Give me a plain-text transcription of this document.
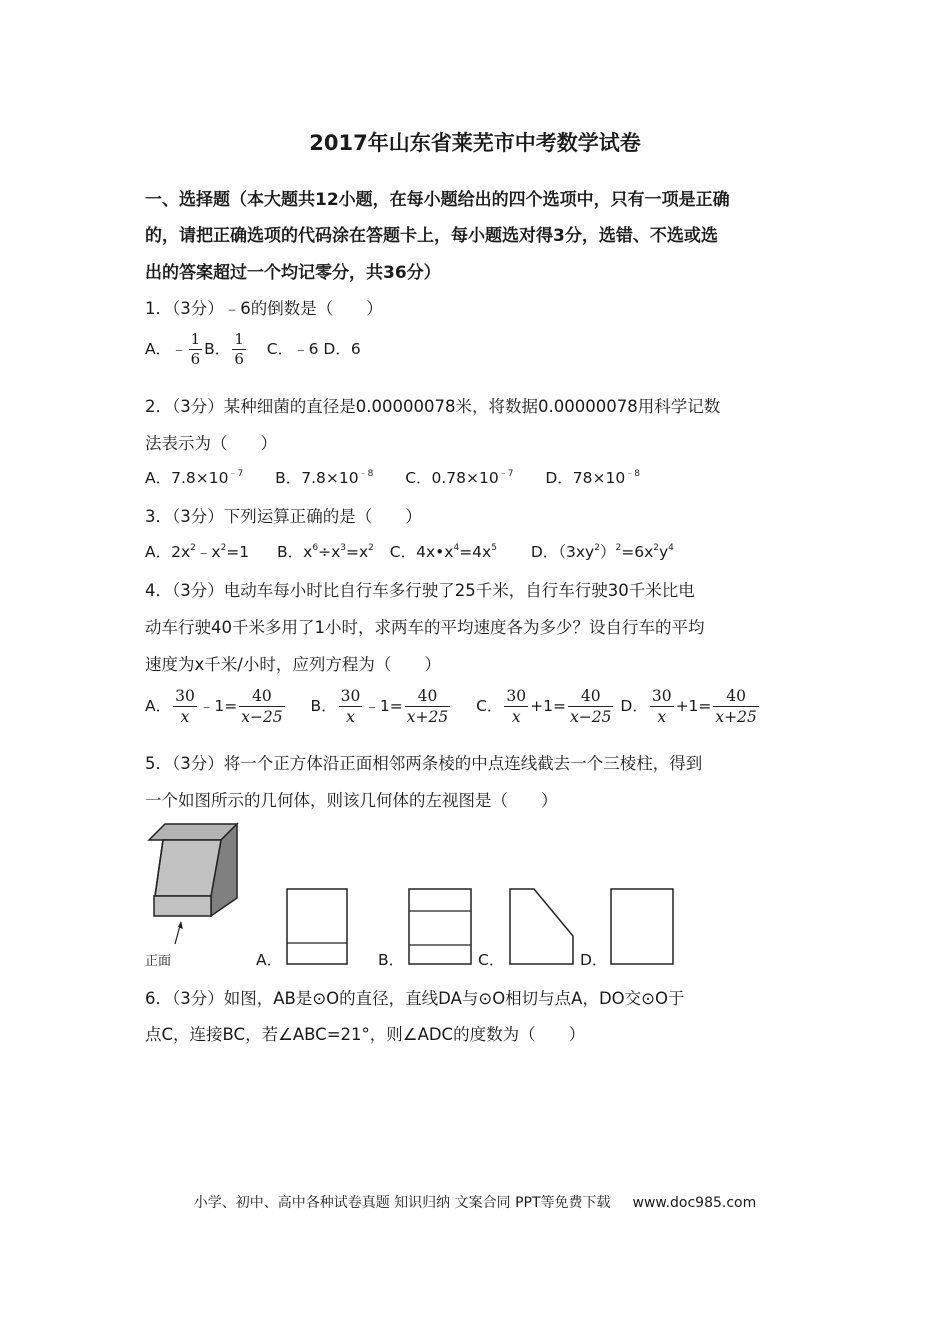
2017年山东省莱芜市中考数学试卷
一、选择题（本大题共12小题，在每小题给出的四个选项中，只有一项是正确
的，请把正确选项的代码涂在答题卡上，每小题选对得3分，选错、不选或选
出的答案超过一个均记零分，共36分）
1．（3分）﹣6的倒数是（　　）
A．﹣ $\frac{1}{6}$ B． $\frac{1}{6}$ C．﹣6 D．6
2．（3分）某种细菌的直径是0.00000078米，将数据0.00000078用科学记数
法表示为（　　）
A．$7.8\times 10^{﹣7}$ B．$7.8\times 10^{﹣8}$ C．$0.78\times 10^{﹣7}$ D．$78\times 10^{﹣8}$
3．（3分）下列运算正确的是（　　）
A．$2x^2﹣x^2=1$ B．$x^6\div x^3=x^2$ C．$4x•x^4=4x^5$ D．$(3xy^2)^2=6x^2y^4$
4．（3分）电动车每小时比自行车多行驶了25千米，自行车行驶30千米比电
动车行驶40千米多用了1小时，求两车的平均速度各为多少？设自行车的平均
速度为x千米/小时，应列方程为（　　）
A． $\frac{30}{x}$ ﹣1= $\frac{40}{x-25}$ B． $\frac{30}{x}$ ﹣1= $\frac{40}{x+25}$ C． $\frac{30}{x} +1= \frac{40}{x-25}$ D． $\frac{30}{x} +1= \frac{40}{x+25}$
5．（3分）将一个正方体沿正面相邻两条棱的中点连线截去一个三棱柱，得到
一个如图所示的几何体，则该几何体的左视图是（　　）
正面	A．	B．	C．	D．
6．（3分）如图，AB是⊙O的直径，直线DA与⊙O相切与点A，DO交⊙O于
点C，连接BC，若∠ABC=21°，则∠ADC的度数为（　　）
小学、初中、高中各种试卷真题 知识归纳 文案合同 PPT等免费下载 www.doc985.com
